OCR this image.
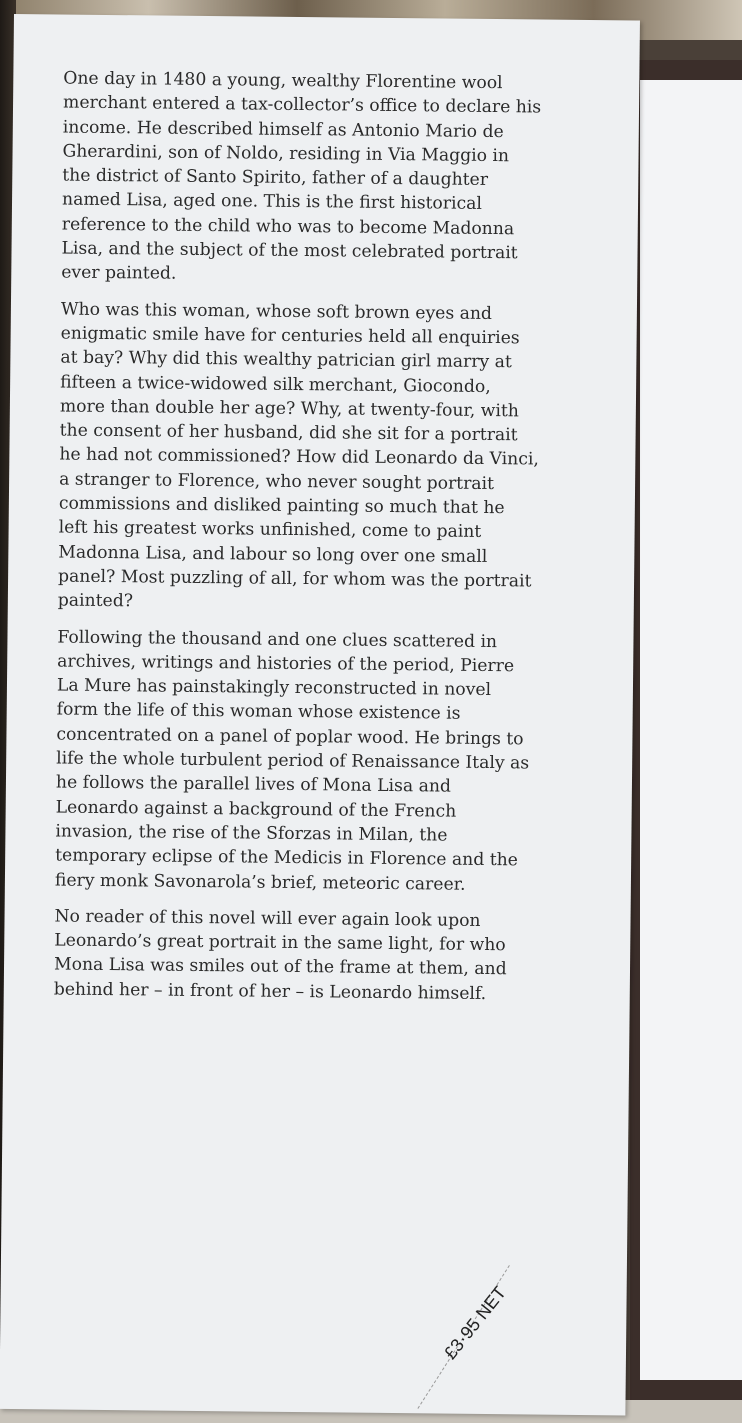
One day in 1480 a young, wealthy Florentine wool merchant entered a tax-collector’s office to declare his income. He described himself as Antonio Mario de Gherardini, son of Noldo, residing in Via Maggio in the district of Santo Spirito, father of a daughter named Lisa, aged one. This is the first historical reference to the child who was to become Madonna Lisa, and the subject of the most celebrated portrait ever painted.

Who was this woman, whose soft brown eyes and enigmatic smile have for centuries held all enquiries at bay? Why did this wealthy patrician girl marry at fifteen a twice-widowed silk merchant, Giocondo, more than double her age? Why, at twenty-four, with the consent of her husband, did she sit for a portrait he had not commissioned? How did Leonardo da Vinci, a stranger to Florence, who never sought portrait commissions and disliked painting so much that he left his greatest works unfinished, come to paint Madonna Lisa, and labour so long over one small panel? Most puzzling of all, for whom was the portrait painted?

Following the thousand and one clues scattered in archives, writings and histories of the period, Pierre La Mure has painstakingly reconstructed in novel form the life of this woman whose existence is concentrated on a panel of poplar wood. He brings to life the whole turbulent period of Renaissance Italy as he follows the parallel lives of Mona Lisa and Leonardo against a background of the French invasion, the rise of the Sforzas in Milan, the temporary eclipse of the Medicis in Florence and the fiery monk Savonarola’s brief, meteoric career.

No reader of this novel will ever again look upon Leonardo’s great portrait in the same light, for who Mona Lisa was smiles out of the frame at them, and behind her – in front of her – is Leonardo himself.

£3·95 NET
